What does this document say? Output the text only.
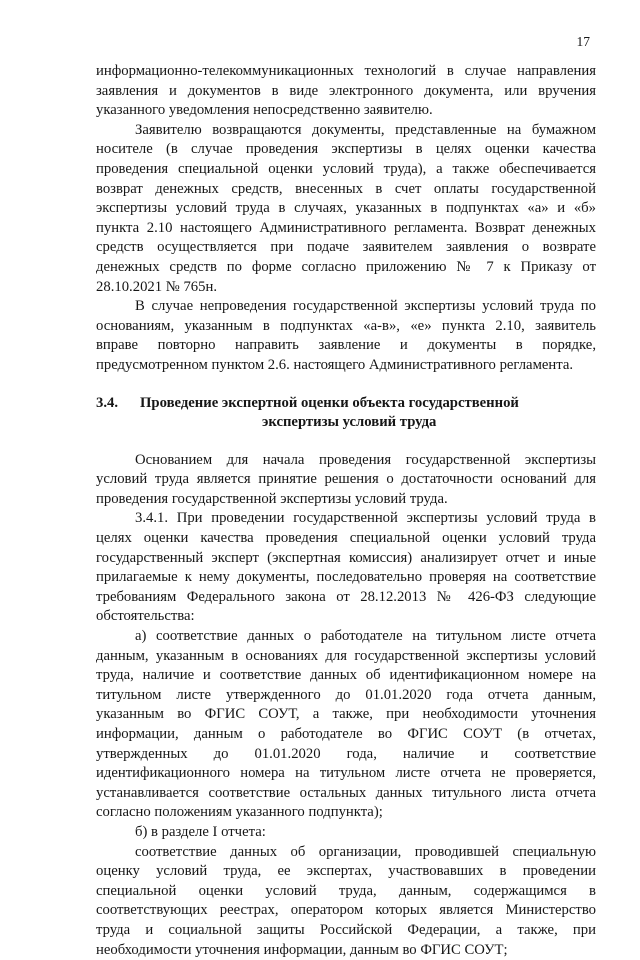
17
информационно-телекоммуникационных технологий в случае направления
заявления и документов в виде электронного документа, или вручения
указанного уведомления непосредственно заявителю.
Заявителю возвращаются документы, представленные на бумажном
носителе (в случае проведения экспертизы в целях оценки качества
проведения специальной оценки условий труда), а также обеспечивается
возврат денежных средств, внесенных в счет оплаты государственной
экспертизы условий труда в случаях, указанных в подпунктах «а» и «б»
пункта 2.10 настоящего Административного регламента. Возврат денежных
средств осуществляется при подаче заявителем заявления о возврате
денежных средств по форме согласно приложению № 7 к Приказу от
28.10.2021 № 765н.
В случае непроведения государственной экспертизы условий труда по
основаниям, указанным в подпунктах «а-в», «е» пункта 2.10, заявитель
вправе повторно направить заявление и документы в порядке,
предусмотренном пунктом 2.6. настоящего Административного регламента.
3.4. Проведение экспертной оценки объекта государственной
экспертизы условий труда
Основанием для начала проведения государственной экспертизы
условий труда является принятие решения о достаточности оснований для
проведения государственной экспертизы условий труда.
3.4.1. При проведении государственной экспертизы условий труда в
целях оценки качества проведения специальной оценки условий труда
государственный эксперт (экспертная комиссия) анализирует отчет и иные
прилагаемые к нему документы, последовательно проверяя на соответствие
требованиям Федерального закона от 28.12.2013 № 426-ФЗ следующие
обстоятельства:
а) соответствие данных о работодателе на титульном листе отчета
данным, указанным в основаниях для государственной экспертизы условий
труда, наличие и соответствие данных об идентификационном номере на
титульном листе утвержденного до 01.01.2020 года отчета данным,
указанным во ФГИС СОУТ, а также, при необходимости уточнения
информации, данным о работодателе во ФГИС СОУТ (в отчетах,
утвержденных до 01.01.2020 года, наличие и соответствие
идентификационного номера на титульном листе отчета не проверяется,
устанавливается соответствие остальных данных титульного листа отчета
согласно положениям указанного подпункта);
б) в разделе I отчета:
соответствие данных об организации, проводившей специальную
оценку условий труда, ее экспертах, участвовавших в проведении
специальной оценки условий труда, данным, содержащимся в
соответствующих реестрах, оператором которых является Министерство
труда и социальной защиты Российской Федерации, а также, при
необходимости уточнения информации, данным во ФГИС СОУТ;
